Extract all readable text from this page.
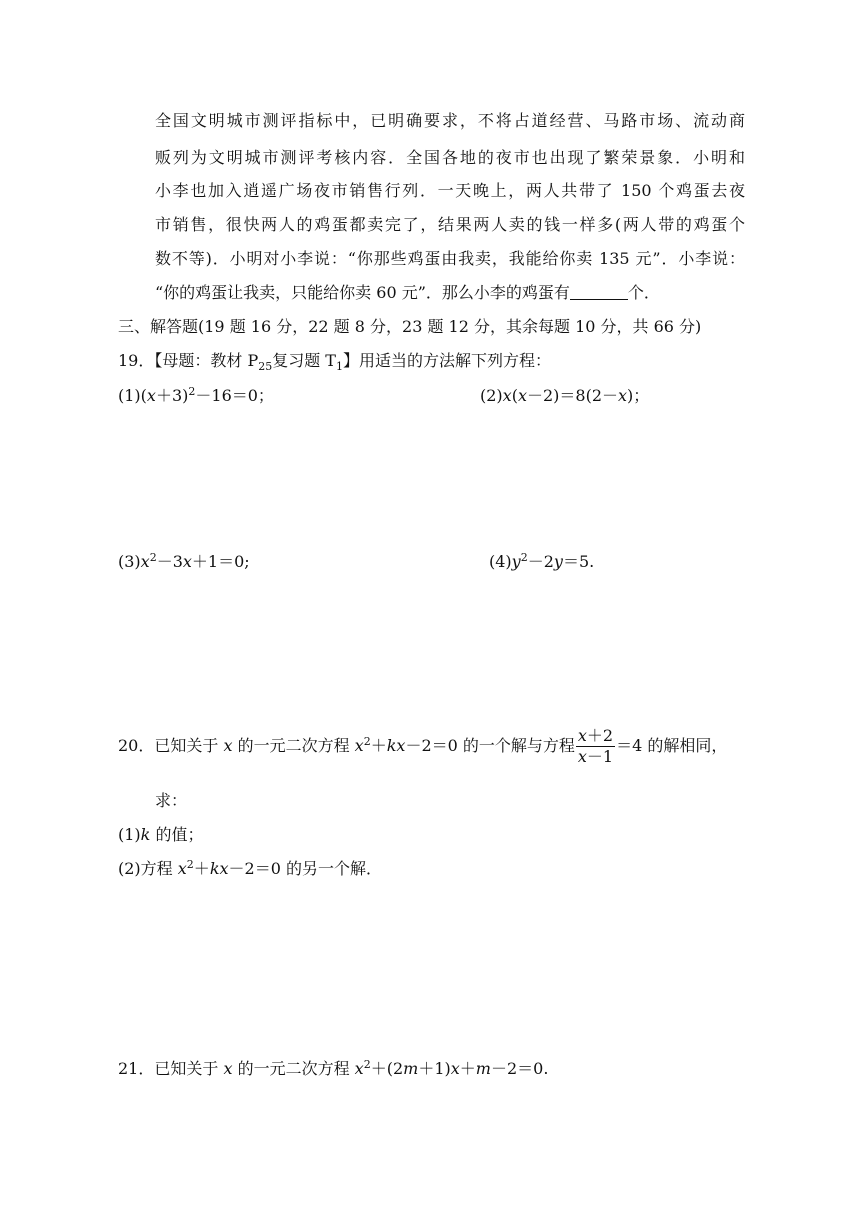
全国文明城市测评指标中，已明确要求，不将占道经营、马路市场、流动商
贩列为文明城市测评考核内容．全国各地的夜市也出现了繁荣景象．小明和
小李也加入逍遥广场夜市销售行列．一天晚上，两人共带了 150 个鸡蛋去夜
市销售，很快两人的鸡蛋都卖完了，结果两人卖的钱一样多(两人带的鸡蛋个
数不等)．小明对小李说：“你那些鸡蛋由我卖，我能给你卖 135 元”．小李说：
“你的鸡蛋让我卖，只能给你卖 60 元”．那么小李的鸡蛋有	个．
三、解答题(19 题 16 分，22 题 8 分，23 题 12 分，其余每题 10 分，共 66 分)
19．【母题：教材 $P_{25}$复习题 $T_1$】用适当的方法解下列方程：
$(1)(x+3)^2-16=0$；	(2)x(x－2)＝8(2－x)；
$(3)x^2-3x+1=0$;	$(4)y^2-2y=5$.
20．已知关于 x 的一元二次方程 $x^2+kx-2=0$ 的一个解与方程 $\frac{x+2}{x-1} =4$ 的解相同，
求：
(1)k 的值；
(2)方程 $x^2+kx-2=0$ 的另一个解．
21．已知关于 x 的一元二次方程 $x^2+(2m+1)x+m-2=0$.
